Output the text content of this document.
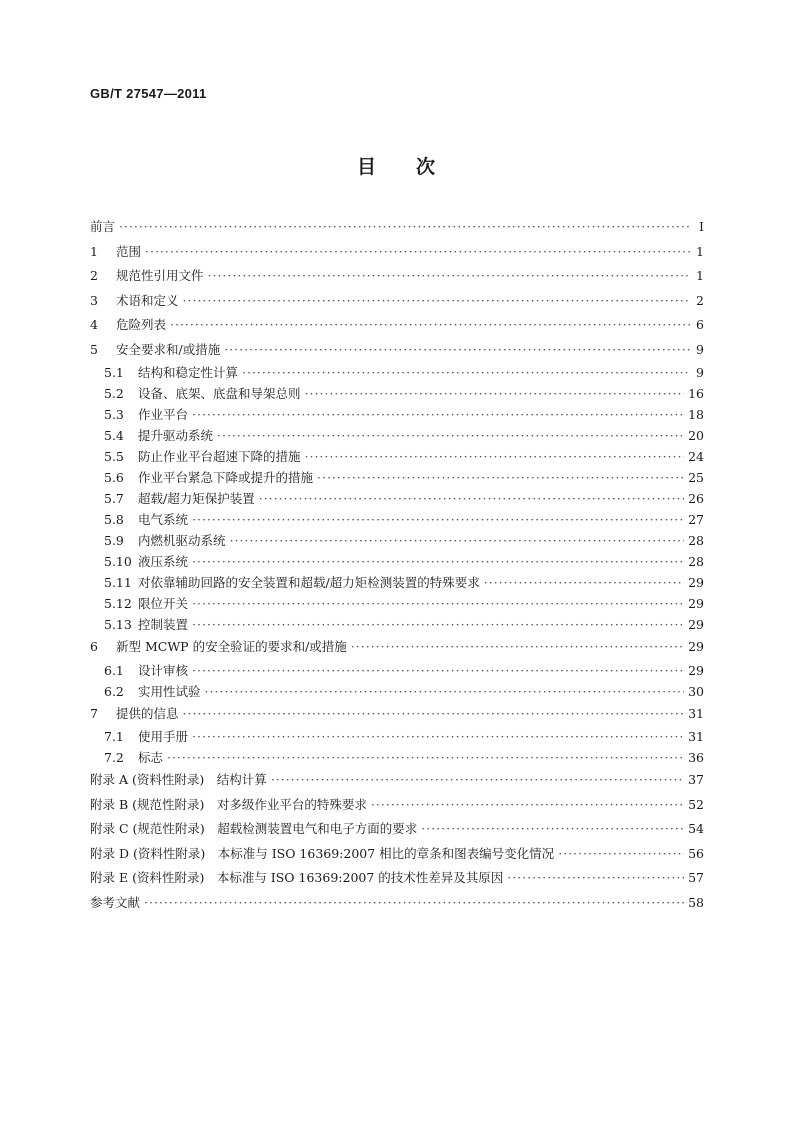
GB/T 27547—2011
目 次
前言 ·····	Ⅰ
1	范围 ·····	1
2	规范性引用文件 ·····	1
3	术语和定义 ·····	2
4	危险列表 ·····	6
5	安全要求和/或措施 ·····	9
5.1	结构和稳定性计算 ·····	9
5.2	设备、底架、底盘和导架总则 ·····	16
5.3	作业平台 ·····	18
5.4	提升驱动系统 ·····	20
5.5	防止作业平台超速下降的措施 ·····	24
5.6	作业平台紧急下降或提升的措施 ·····	25
5.7	超载/超力矩保护装置 ·····	26
5.8	电气系统 ·····	27
5.9	内燃机驱动系统 ·····	28
5.10 液压系统 ·····	28
5.11 对依靠辅助回路的安全装置和超载/超力矩检测装置的特殊要求 ·····	29
5.12 限位开关 ·····	29
5.13 控制装置 ·····	29
6	新型 MCWP 的安全验证的要求和/或措施 ·····	29
6.1	设计审核 ·····	29
6.2	实用性试验 ·····	30
7	提供的信息 ·····	31
7.1	使用手册 ·····	31
7.2	标志 ·····	36
附录 A (资料性附录)　结构计算 ·····	37
附录 B (规范性附录)　对多级作业平台的特殊要求 ·····	52
附录 C (规范性附录)　超载检测装置电气和电子方面的要求 ·····	54
附录 D (资料性附录)　本标准与 ISO 16369:2007 相比的章条和图表编号变化情况 ·····	56
附录 E (资料性附录)　本标准与 ISO 16369:2007 的技术性差异及其原因 ·····	57
参考文献 ·····	58
